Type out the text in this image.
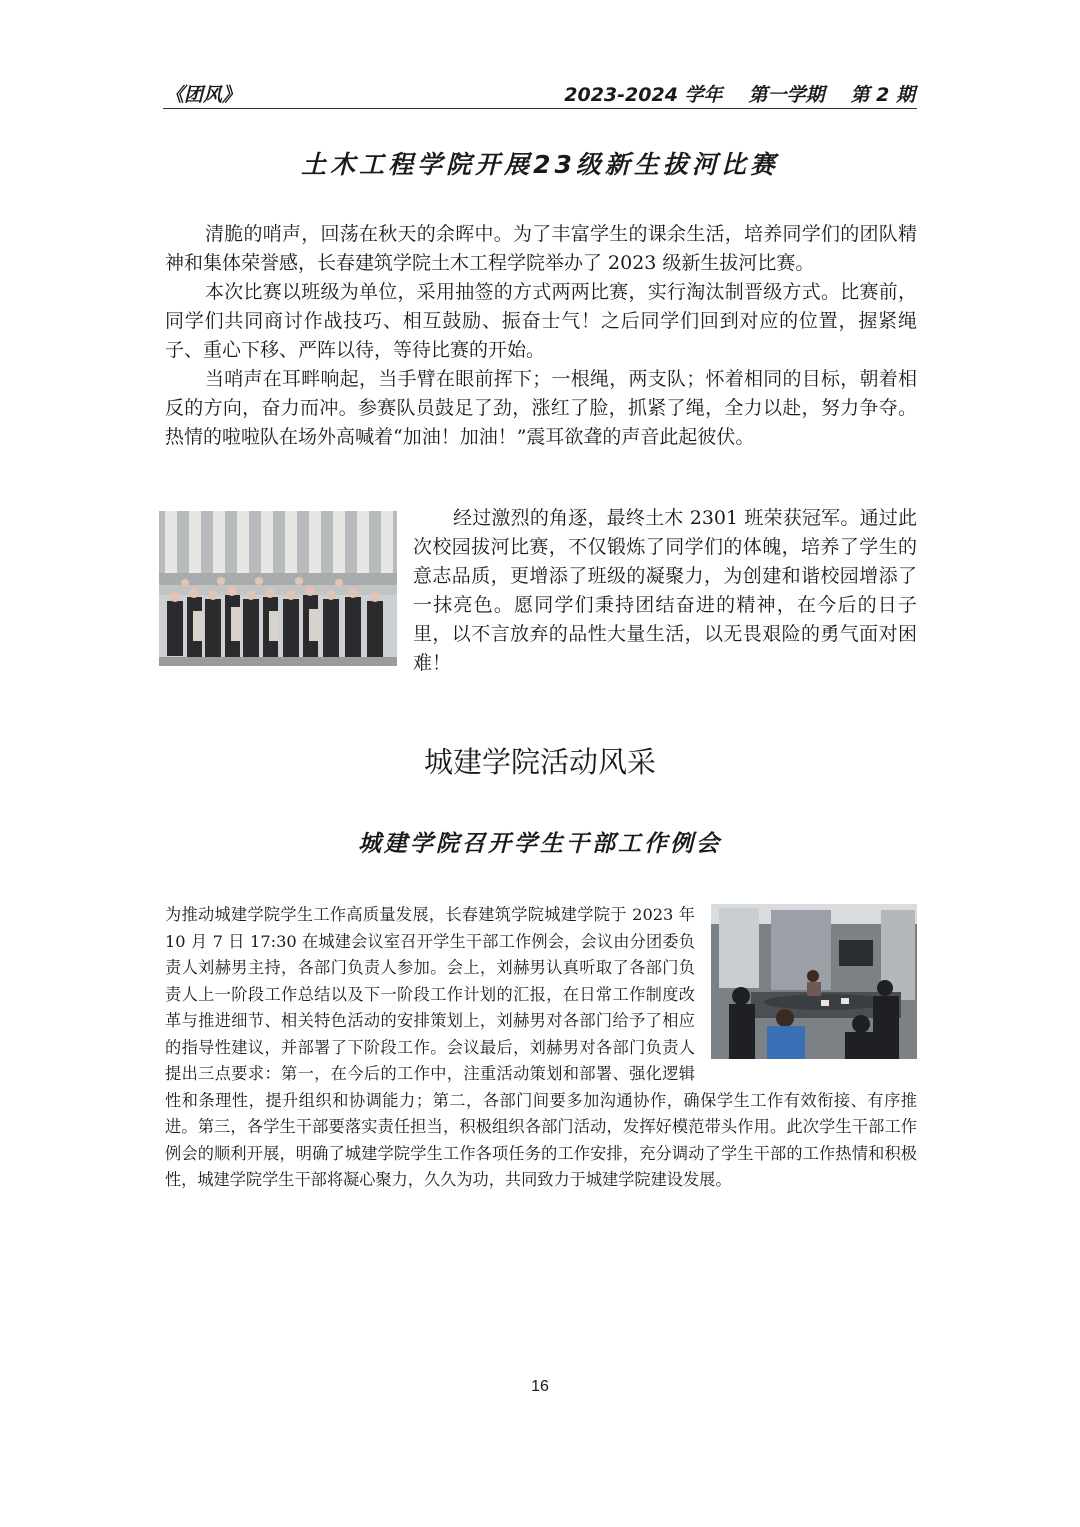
《团风》	2023-2024 学年 第一学期 第 2 期
土木工程学院开展23级新生拔河比赛

清脆的哨声，回荡在秋天的余晖中。为了丰富学生的课余生活，培养同学们的团队精神和集体荣誉感，长春建筑学院土木工程学院举办了 2023 级新生拔河比赛。

本次比赛以班级为单位，采用抽签的方式两两比赛，实行淘汰制晋级方式。比赛前，同学们共同商讨作战技巧、相互鼓励、振奋士气！之后同学们回到对应的位置，握紧绳子、重心下移、严阵以待，等待比赛的开始。

当哨声在耳畔响起，当手臂在眼前挥下；一根绳，两支队；怀着相同的目标，朝着相反的方向，奋力而冲。参赛队员鼓足了劲，涨红了脸，抓紧了绳，全力以赴，努力争夺。热情的啦啦队在场外高喊着“加油！加油！”震耳欲聋的声音此起彼伏。

经过激烈的角逐，最终土木 2301 班荣获冠军。通过此次校园拔河比赛，不仅锻炼了同学们的体魄，培养了学生的意志品质，更增添了班级的凝聚力，为创建和谐校园增添了一抹亮色。愿同学们秉持团结奋进的精神，在今后的日子里，以不言放弃的品性大量生活，以无畏艰险的勇气面对困难！

城建学院活动风采
城建学院召开学生干部工作例会
为推动城建学院学生工作高质量发展，长春建筑学院城建学院于 2023 年 10 月 7 日 17:30 在城建会议室召开学生干部工作例会，会议由分团委负责人刘赫男主持，各部门负责人参加。会上，刘赫男认真听取了各部门负责人上一阶段工作总结以及下一阶段工作计划的汇报，在日常工作制度改革与推进细节、相关特色活动的安排策划上，刘赫男对各部门给予了相应的指导性建议，并部署了下阶段工作。会议最后，刘赫男对各部门负责人提出三点要求：第一，在今后的工作中，注重活动策划和部署、强化逻辑性和条理性，提升组织和协调能力；第二，各部门间要多加沟通协作，确保学生工作有效衔接、有序推进。第三，各学生干部要落实责任担当，积极组织各部门活动，发挥好模范带头作用。此次学生干部工作例会的顺利开展，明确了城建学院学生工作各项任务的工作安排，充分调动了学生干部的工作热情和积极性，城建学院学生干部将凝心聚力，久久为功，共同致力于城建学院建设发展。
16
